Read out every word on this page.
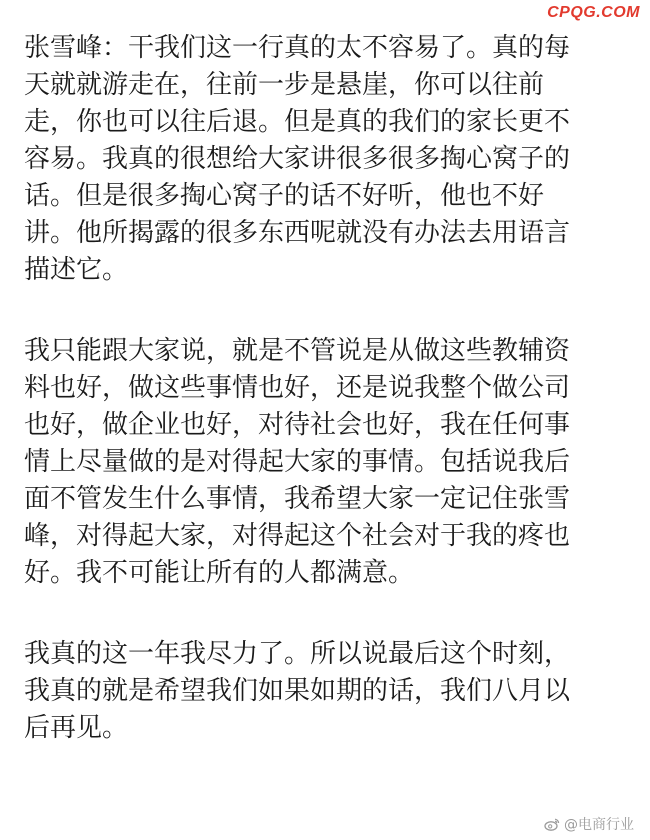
CPQG.COM
张雪峰：干我们这一行真的太不容易了。真的每
天就就游走在，往前一步是悬崖，你可以往前
走，你也可以往后退。但是真的我们的家长更不
容易。我真的很想给大家讲很多很多掏心窝子的
话。但是很多掏心窝子的话不好听，他也不好
讲。他所揭露的很多东西呢就没有办法去用语言
描述它。
我只能跟大家说，就是不管说是从做这些教辅资
料也好，做这些事情也好，还是说我整个做公司
也好，做企业也好，对待社会也好，我在任何事
情上尽量做的是对得起大家的事情。包括说我后
面不管发生什么事情，我希望大家一定记住张雪
峰，对得起大家，对得起这个社会对于我的疼也
好。我不可能让所有的人都满意。
我真的这一年我尽力了。所以说最后这个时刻，
我真的就是希望我们如果如期的话，我们八月以
后再见。
@电商行业
